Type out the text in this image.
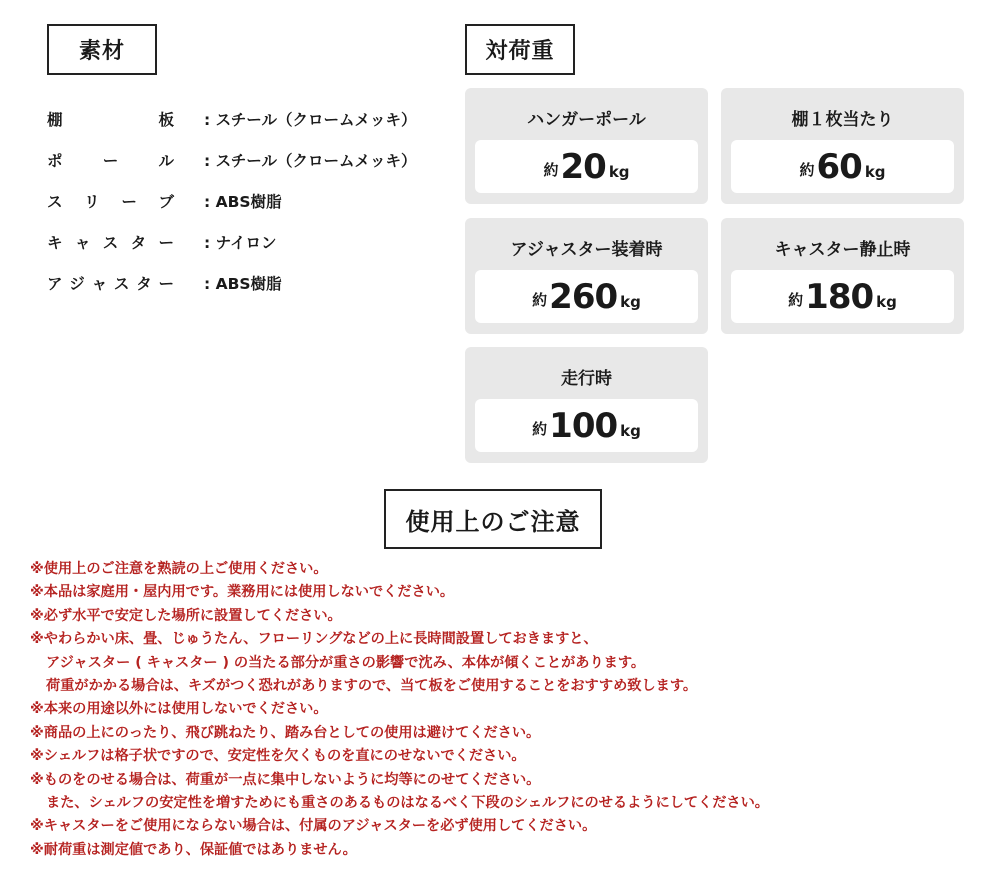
素材
棚	板 : スチール（クロームメッキ）
ポ	ー	ル : スチール（クロームメッキ）
ス リ ー ブ : ABS樹脂
キ ャ ス タ ー : ナイロン
ア ジ ャ ス タ ー : ABS樹脂
対荷重
ハンガーポール
約 20 kg
棚１枚当たり
約 60 kg
アジャスター装着時
約 260 kg
キャスター静止時
約 180 kg
走行時
約 100 kg
使用上のご注意
※使用上のご注意を熟読の上ご使用ください。
※本品は家庭用・屋内用です。業務用には使用しないでください。
※必ず水平で安定した場所に設置してください。
※やわらかい床、畳、じゅうたん、フローリングなどの上に長時間設置しておきますと、
アジャスター ( キャスター ) の当たる部分が重さの影響で沈み、本体が傾くことがあります。
荷重がかかる場合は、キズがつく恐れがありますので、当て板をご使用することをおすすめ致します。
※本来の用途以外には使用しないでください。
※商品の上にのったり、飛び跳ねたり、踏み台としての使用は避けてください。
※シェルフは格子状ですので、安定性を欠くものを直にのせないでください。
※ものをのせる場合は、荷重が一点に集中しないように均等にのせてください。
また、シェルフの安定性を増すためにも重さのあるものはなるべく下段のシェルフにのせるようにしてください。
※キャスターをご使用にならない場合は、付属のアジャスターを必ず使用してください。
※耐荷重は測定値であり、保証値ではありません。
